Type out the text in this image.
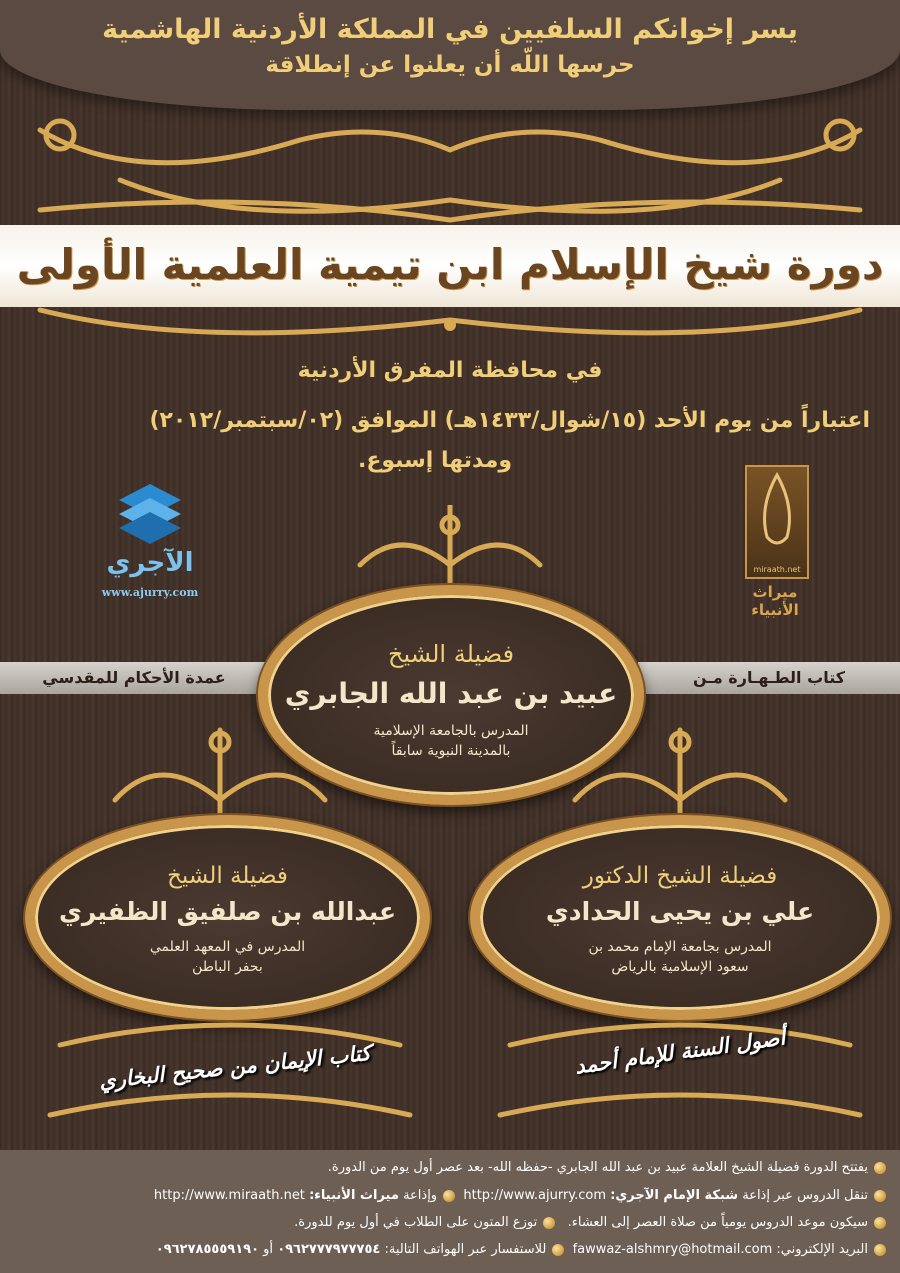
يسر إخوانكم السلفيين في المملكة الأردنية الهاشمية
حرسها اللّه أن يعلنوا عن إنطلاقة
دورة شيخ الإسلام ابن تيمية العلمية الأولى
في محافظة المفرق الأردنية
اعتباراً من يوم الأحد (١٥/شوال/١٤٣٣هـ) الموافق (٠٢/سبتمبر/٢٠١٢)
ومدتها إسبوع.
الآجري
www.ajurry.com
miraath.net
ميراث الأنبياء
عمدة الأحكام للمقدسي	كتاب الطـهـارة مـن
فضيلة الشيخ
عبيد بن عبد الله الجابري
المدرس بالجامعة الإسلامية
بالمدينة النبوية سابقاً
فضيلة الشيخ
عبدالله بن صلفيق الظفيري
المدرس في المعهد العلمي
بحفر الباطن
فضيلة الشيخ الدكتور
علي بن يحيى الحدادي
المدرس بجامعة الإمام محمد بن
سعود الإسلامية بالرياض
كتاب الإيمان من صحيح البخاري	أصول السنة للإمام أحمد
يفتتح الدورة فضيلة الشيخ العلامة عبيد بن عبد الله الجابري -حفظه الله- بعد عصر أول يوم من الدورة.
تنقل الدروس عبر إذاعة شبكة الإمام الآجري: http://www.ajurry.com  وإذاعة ميراث الأنبياء: http://www.miraath.net
سيكون موعد الدروس يومياً من صلاة العصر إلى العشاء.   توزع المتون على الطلاب في أول يوم للدورة.
البريد الإلكتروني: fawwaz-alshmry@hotmail.com  للاستفسار عبر الهواتف التالية: ٠٩٦٢٧٧٧٩٧٧٧٥٤ أو ٠٩٦٢٧٨٥٥٥٩١٩٠
